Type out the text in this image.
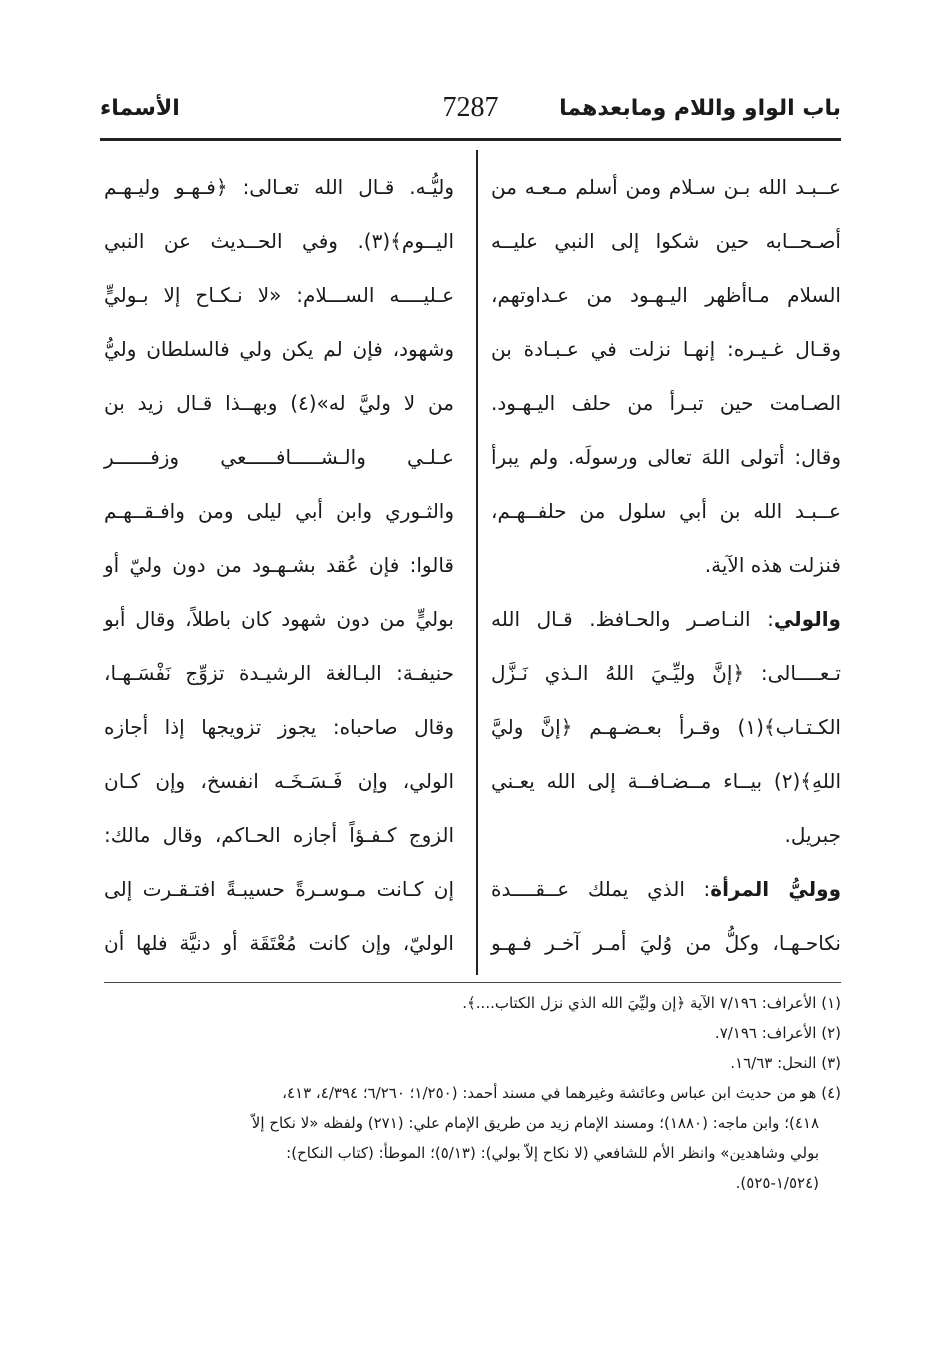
باب الواو واللام ومابعدهما
7287
الأسماء
عــبـد الله بـن سـلام ومن أسلم مـعـه من
أصـحــابه حين شكوا إلى النبي عليــه
السلام مـاأظهر اليـهـود من عـداوتهم،
وقـال غـيـره: إنهـا نزلت في عـبـادة بن
الصـامت حين تبـرأ من حلف اليـهـود.
وقال: أتولى اللهَ تعالى ورسولَه. ولم يبرأ
عــبـد الله بن أبي سلول من حلفــهـم،
فنزلت هذه الآية.
والولي: النـاصـر والحـافظ. قـال الله
تـعــــالى: ﴿إنَّ وليِّـيَ اللهُ الـذي نَـزَّل
الكـتـاب﴾(١) وقـرأ بعـضـهـم ﴿إنَّ وليَّ
اللهِ﴾(٢) بيــاء مــضـافــة إلى الله يعـني
جبريل.
ووليُّ المرأة: الذي يملك عــقــــدة
نكاحـهـا، وكلُّ من وُليَ أمـر آخـر فـهـو
وليُّـه. قـال الله تعـالى: ﴿فـهـو وليـهـم
اليــوم﴾(٣). وفي الحــديث عن النبي
عـليــــه الســـلام: «لا نـكـاح إلا بـوليٍّ
وشهود، فإن لم يكن ولي فالسلطان وليُّ
من لا وليَّ له»(٤) وبهــذا قـال زيد بن
عـلـي والـشـــــافـــــعي وزفــــــر
والثـوري وابن أبي ليلى ومن وافـقــهـم
قالوا: فإن عُقد بشـهـود من دون وليّ أو
بوليٍّ من دون شهود كان باطلاً، وقال أبو
حنيفـة: البـالغة الرشيـدة تزوِّج نَفْسَـهـا،
وقال صاحباه: يجوز تزويجها إذا أجازه
الولي، وإن فَـسَـخَـه انفسخ، وإن كـان
الزوج كـفـؤاً أجازه الحـاكم، وقال مالك:
إن كـانت مـوسـرةً حسيبـةً افتـقـرت إلى
الوليّ، وإن كانت مُعْتَقَة أو دنيَّة فلها أن
(١) الأعراف: ٧/١٩٦ الآية ﴿إن وليِّيَ الله الذي نزل الكتاب....﴾.
(٢) الأعراف: ٧/١٩٦.
(٣) النحل: ١٦/٦٣.
(٤) هو من حديث ابن عباس وعائشة وغيرهما في مسند أحمد: (١/٢٥٠؛ ٦/٢٦٠؛ ٤/٣٩٤، ٤١٣،
٤١٨)؛ وابن ماجه: (١٨٨٠)؛ ومسند الإمام زيد من طريق الإمام علي: (٢٧١) ولفظه «لا نكاح إلاّ
بولي وشاهدين» وانظر الأم للشافعي (لا نكاح إلاّ بولي): (٥/١٣)؛ الموطأ: (كتاب النكاح):
(١/٥٢٤-٥٢٥).
